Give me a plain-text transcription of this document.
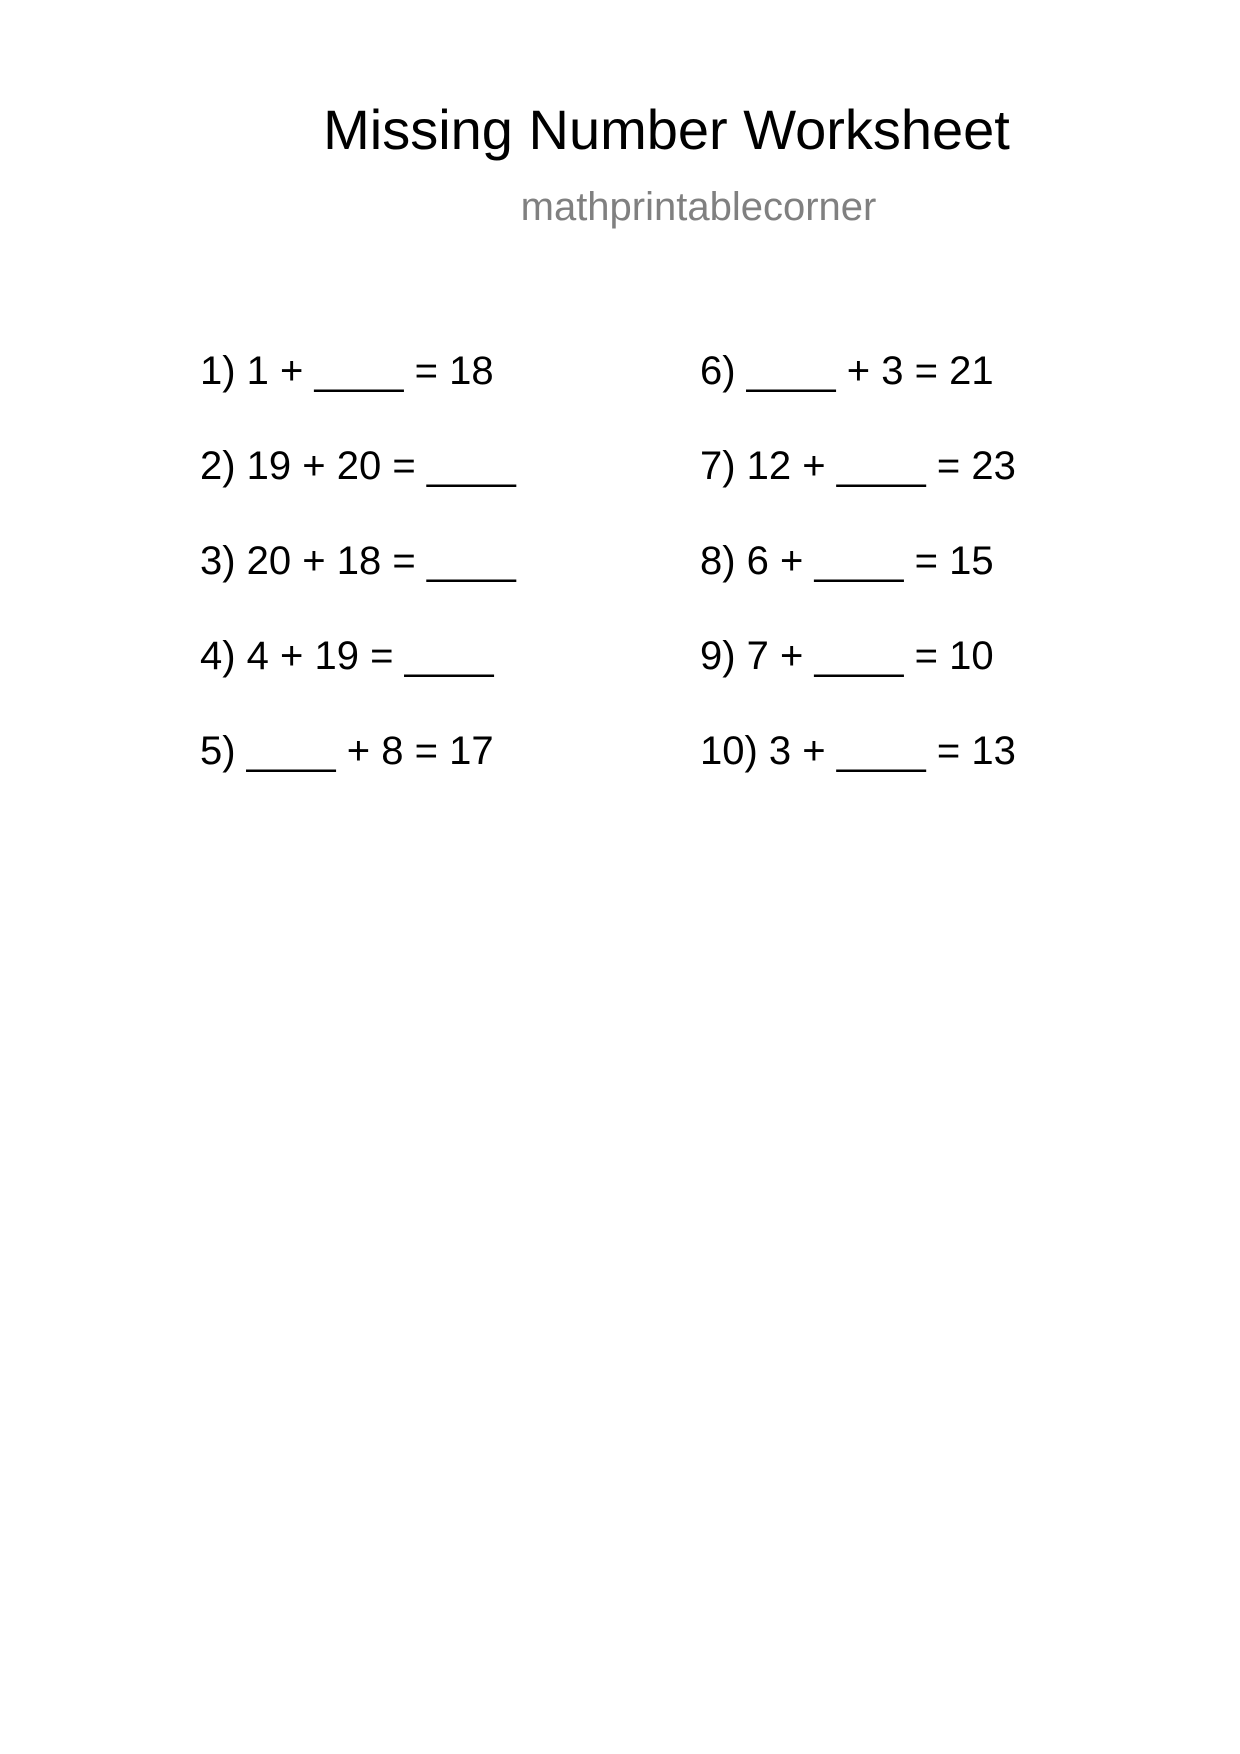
Missing Number Worksheet

mathprintablecorner

1) 1 + ____ = 18
2) 19 + 20 = ____
3) 20 + 18 = ____
4) 4 + 19 = ____
5) ____ + 8 = 17
6) ____ + 3 = 21
7) 12 + ____ = 23
8) 6 + ____ = 15
9) 7 + ____ = 10
10) 3 + ____ = 13
